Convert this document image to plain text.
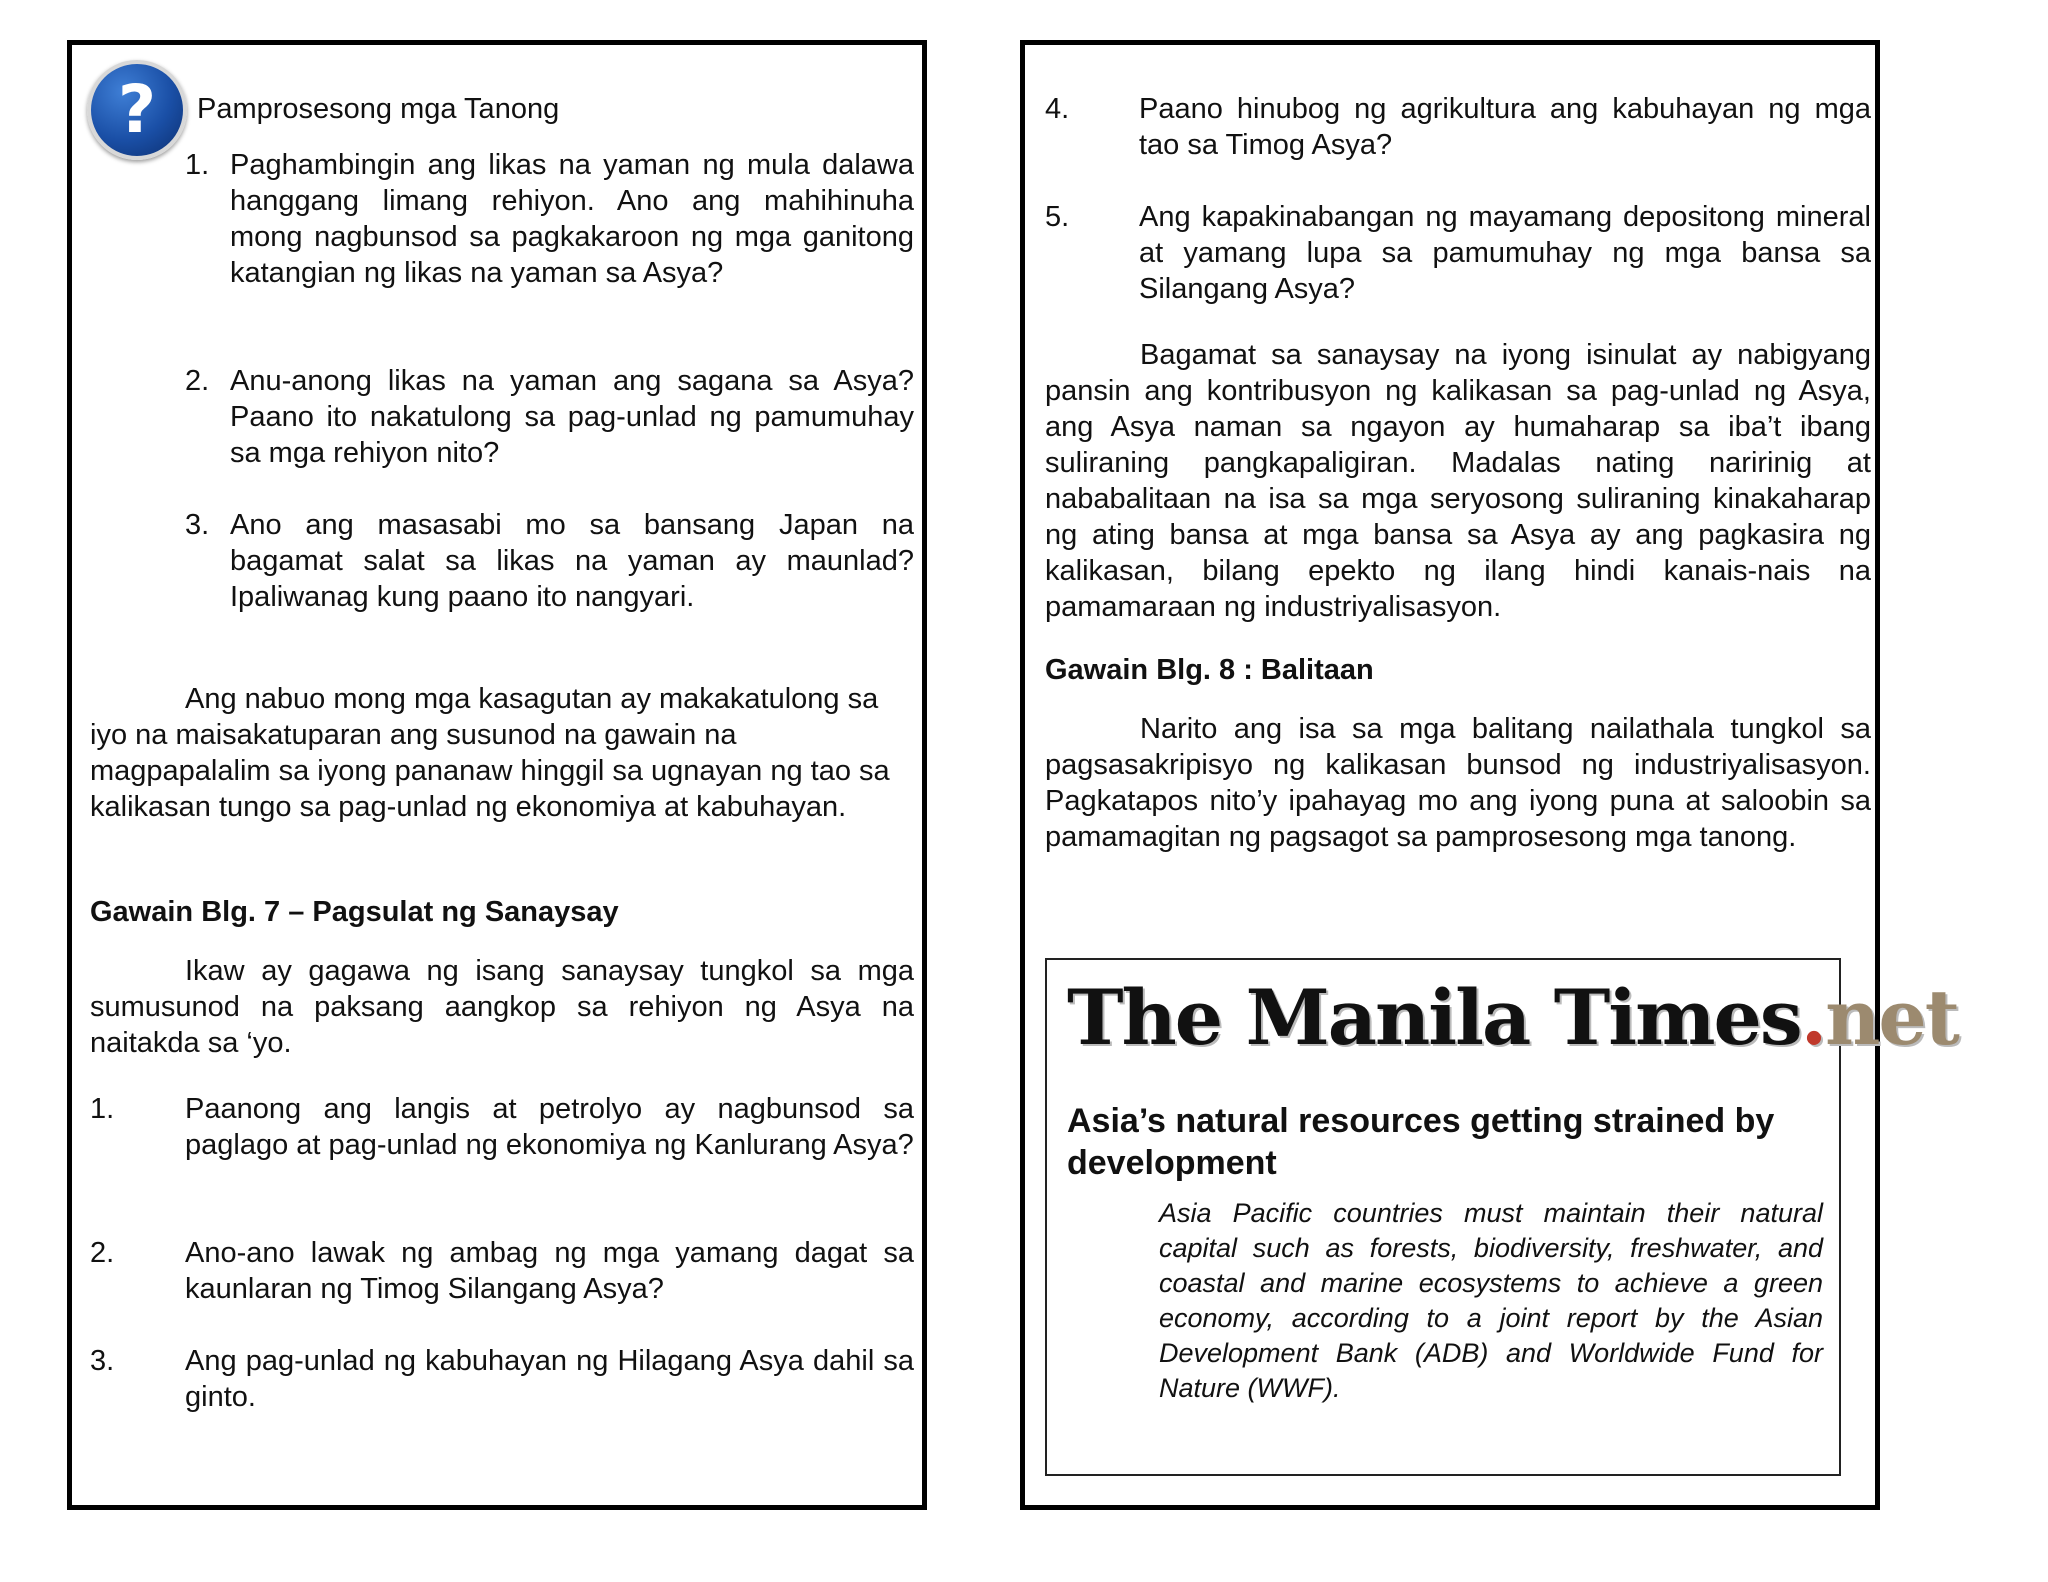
? Pamprosesong mga Tanong
1. Paghambingin ang likas na yaman ng mula dalawa hanggang limang rehiyon. Ano ang mahihinuha mong nagbunsod sa pagkakaroon ng mga ganitong katangian ng likas na yaman sa Asya?
2. Anu-anong likas na yaman ang sagana sa Asya? Paano ito nakatulong sa pag-unlad ng pamumuhay sa mga rehiyon nito?
3. Ano ang masasabi mo sa bansang Japan na bagamat salat sa likas na yaman ay maunlad? Ipaliwanag kung paano ito nangyari.
Ang nabuo mong mga kasagutan ay makakatulong sa iyo na maisakatuparan ang susunod na gawain na magpapalalim sa iyong pananaw hinggil sa ugnayan ng tao sa kalikasan tungo sa pag-unlad ng ekonomiya at kabuhayan.
Gawain Blg. 7 – Pagsulat ng Sanaysay
Ikaw ay gagawa ng isang sanaysay tungkol sa mga sumusunod na paksang aangkop sa rehiyon ng Asya na naitakda sa ‘yo.
1. Paanong ang langis at petrolyo ay nagbunsod sa paglago at pag-unlad ng ekonomiya ng Kanlurang Asya?
2. Ano-ano lawak ng ambag ng mga yamang dagat sa kaunlaran ng Timog Silangang Asya?
3. Ang pag-unlad ng kabuhayan ng Hilagang Asya dahil sa ginto.
4. Paano hinubog ng agrikultura ang kabuhayan ng mga tao sa Timog Asya?
5. Ang kapakinabangan ng mayamang depositong mineral at yamang lupa sa pamumuhay ng mga bansa sa Silangang Asya?
Bagamat sa sanaysay na iyong isinulat ay nabigyang pansin ang kontribusyon ng kalikasan sa pag-unlad ng Asya, ang Asya naman sa ngayon ay humaharap sa iba’t ibang suliraning pangkapaligiran. Madalas nating naririnig at nababalitaan na isa sa mga seryosong suliraning kinakaharap ng ating bansa at mga bansa sa Asya ay ang pagkasira ng kalikasan, bilang epekto ng ilang hindi kanais-nais na pamamaraan ng industriyalisasyon.
Gawain Blg. 8 : Balitaan
Narito ang isa sa mga balitang nailathala tungkol sa pagsasakripisyo ng kalikasan bunsod ng industriyalisasyon. Pagkatapos nito’y ipahayag mo ang iyong puna at saloobin sa pamamagitan ng pagsagot sa pamprosesong mga tanong.
The Manila Times.net
Asia’s natural resources getting strained by development
Asia Pacific countries must maintain their natural capital such as forests, biodiversity, freshwater, and coastal and marine ecosystems to achieve a green economy, according to a joint report by the Asian Development Bank (ADB) and Worldwide Fund for Nature (WWF).
